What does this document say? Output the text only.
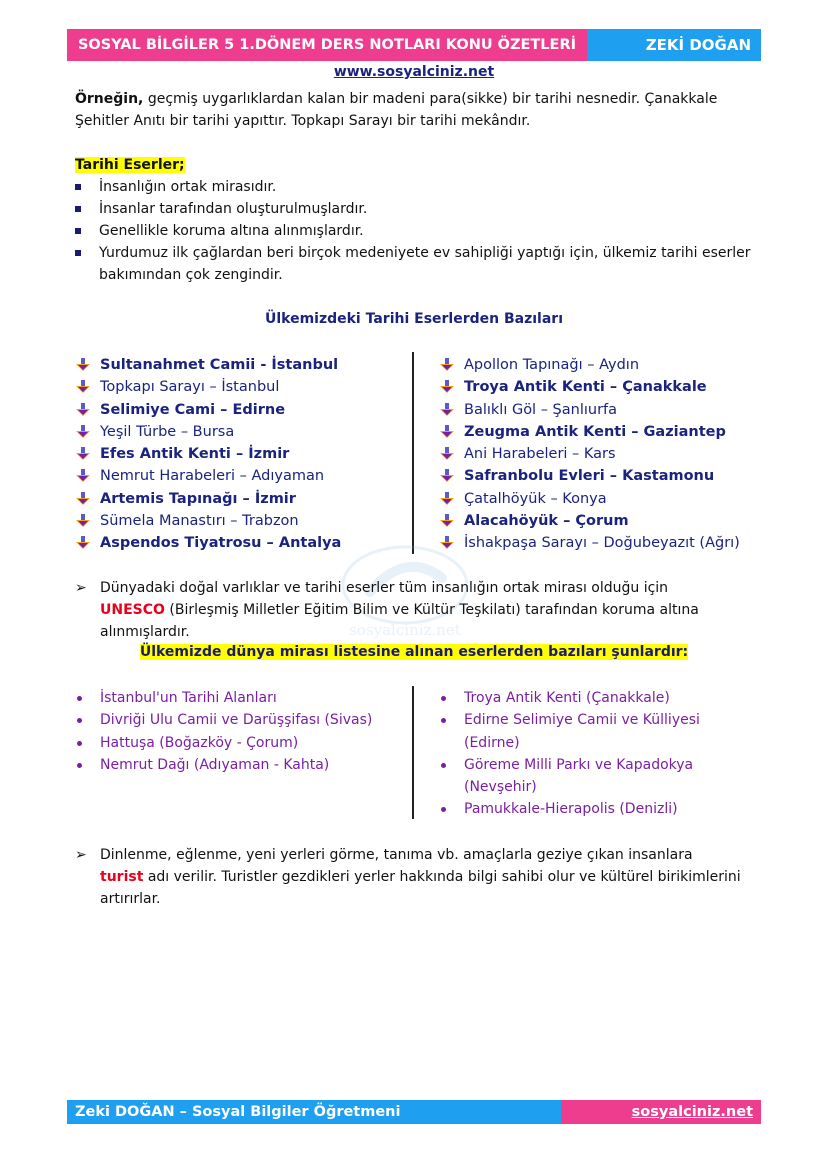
SOSYAL BİLGİLER 5 1.DÖNEM DERS NOTLARI KONU ÖZETLERİ	ZEKİ DOĞAN
www.sosyalciniz.net
Örneğin, geçmiş uygarlıklardan kalan bir madeni para(sikke) bir tarihi nesnedir. Çanakkale
Şehitler Anıtı bir tarihi yapıttır. Topkapı Sarayı bir tarihi mekândır.
Tarihi Eserler;
İnsanlığın ortak mirasıdır.
İnsanlar tarafından oluşturulmuşlardır.
Genellikle koruma altına alınmışlardır.
Yurdumuz ilk çağlardan beri birçok medeniyete ev sahipliği yaptığı için, ülkemiz tarihi eserler bakımından çok zengindir.
Ülkemizdeki Tarihi Eserlerden Bazıları
Sultanahmet Camii - İstanbul
Topkapı Sarayı – İstanbul
Selimiye Cami – Edirne
Yeşil Türbe – Bursa
Efes Antik Kenti – İzmir
Nemrut Harabeleri – Adıyaman
Artemis Tapınağı – İzmir
Sümela Manastırı – Trabzon
Aspendos Tiyatrosu – Antalya
Apollon Tapınağı – Aydın
Troya Antik Kenti – Çanakkale
Balıklı Göl – Şanlıurfa
Zeugma Antik Kenti – Gaziantep
Ani Harabeleri – Kars
Safranbolu Evleri – Kastamonu
Çatalhöyük – Konya
Alacahöyük – Çorum
İshakpaşa Sarayı – Doğubeyazıt (Ağrı)
sosyalciniz.net
➢ Dünyadaki doğal varlıklar ve tarihi eserler tüm insanlığın ortak mirası olduğu için
UNESCO (Birleşmiş Milletler Eğitim Bilim ve Kültür Teşkilatı) tarafından koruma altına alınmışlardır.
Ülkemizde dünya mirası listesine alınan eserlerden bazıları şunlardır:
İstanbul'un Tarihi Alanları
Divriği Ulu Camii ve Darüşşifası (Sivas)
Hattuşa (Boğazköy - Çorum)
Nemrut Dağı (Adıyaman - Kahta)
Troya Antik Kenti (Çanakkale)
Edirne Selimiye Camii ve Külliyesi (Edirne)
Göreme Milli Parkı ve Kapadokya (Nevşehir)
Pamukkale-Hierapolis (Denizli)
➢ Dinlenme, eğlenme, yeni yerleri görme, tanıma vb. amaçlarla geziye çıkan insanlara
turist adı verilir. Turistler gezdikleri yerler hakkında bilgi sahibi olur ve kültürel birikimlerini artırırlar.
Zeki DOĞAN – Sosyal Bilgiler Öğretmeni	sosyalciniz.net
